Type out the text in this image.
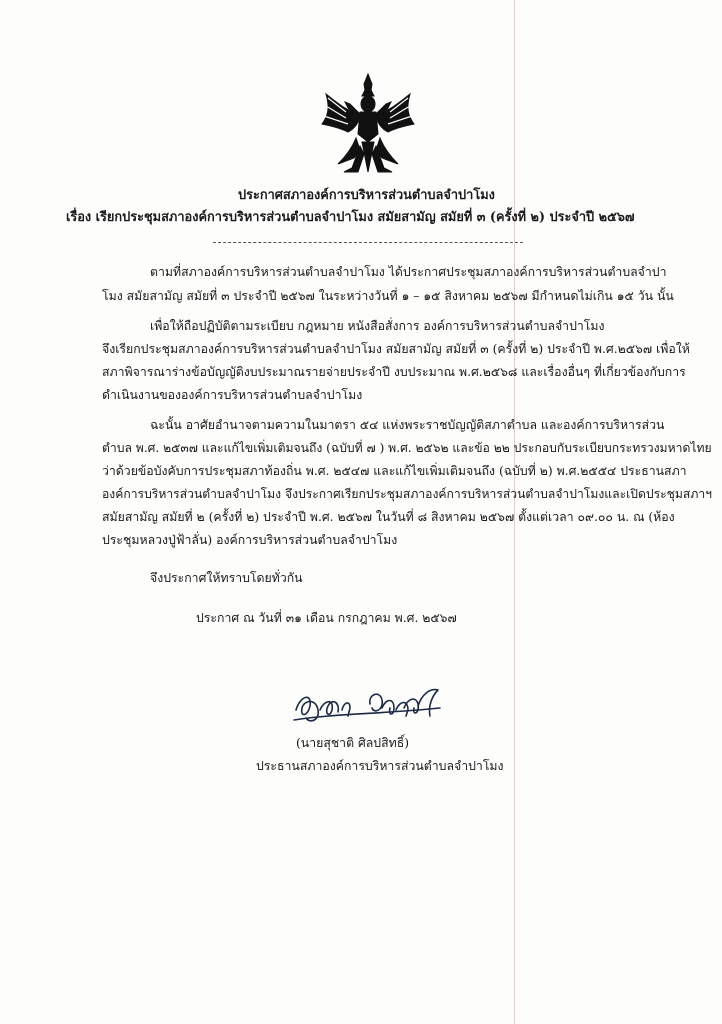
ประกาศสภาองค์การบริหารส่วนตำบลจำปาโมง
เรื่อง เรียกประชุมสภาองค์การบริหารส่วนตำบลจำปาโมง สมัยสามัญ สมัยที่ ๓ (ครั้งที่ ๒) ประจำปี ๒๕๖๗
ตามที่สภาองค์การบริหารส่วนตำบลจำปาโมง ได้ประกาศประชุมสภาองค์การบริหารส่วนตำบลจำปา
โมง สมัยสามัญ สมัยที่ ๓ ประจำปี ๒๕๖๗ ในระหว่างวันที่ ๑ – ๑๕ สิงหาคม ๒๕๖๗ มีกำหนดไม่เกิน ๑๕ วัน นั้น
เพื่อให้ถือปฏิบัติตามระเบียบ กฎหมาย หนังสือสั่งการ องค์การบริหารส่วนตำบลจำปาโมง
จึงเรียกประชุมสภาองค์การบริหารส่วนตำบลจำปาโมง สมัยสามัญ สมัยที่ ๓ (ครั้งที่ ๒) ประจำปี พ.ศ.๒๕๖๗ เพื่อให้
สภาพิจารณาร่างข้อบัญญัติงบประมาณรายจ่ายประจำปี งบประมาณ พ.ศ.๒๕๖๘ และเรื่องอื่นๆ ที่เกี่ยวข้องกับการ
ดำเนินงานขององค์การบริหารส่วนตำบลจำปาโมง
ฉะนั้น อาศัยอำนาจตามความในมาตรา ๕๔ แห่งพระราชบัญญัติสภาตำบล และองค์การบริหารส่วน
ตำบล พ.ศ. ๒๕๓๗ และแก้ไขเพิ่มเติมจนถึง (ฉบับที่ ๗ ) พ.ศ. ๒๕๖๒ และข้อ ๒๒ ประกอบกับระเบียบกระทรวงมหาดไทย
ว่าด้วยข้อบังคับการประชุมสภาท้องถิ่น พ.ศ. ๒๕๔๗ และแก้ไขเพิ่มเติมจนถึง (ฉบับที่ ๒) พ.ศ.๒๕๕๔ ประธานสภา
องค์การบริหารส่วนตำบลจำปาโมง จึงประกาศเรียกประชุมสภาองค์การบริหารส่วนตำบลจำปาโมงและเปิดประชุมสภาฯ
สมัยสามัญ สมัยที่ ๒ (ครั้งที่ ๒) ประจำปี พ.ศ. ๒๕๖๗ ในวันที่ ๘ สิงหาคม ๒๕๖๗ ตั้งแต่เวลา ๐๙.๐๐ น. ณ (ห้อง
ประชุมหลวงปู่ฟ้าลั่น) องค์การบริหารส่วนตำบลจำปาโมง
จึงประกาศให้ทราบโดยทั่วกัน
ประกาศ ณ วันที่ ๓๑ เดือน กรกฎาคม พ.ศ. ๒๕๖๗
(นายสุชาติ ศิลปสิทธิ์)
ประธานสภาองค์การบริหารส่วนตำบลจำปาโมง
